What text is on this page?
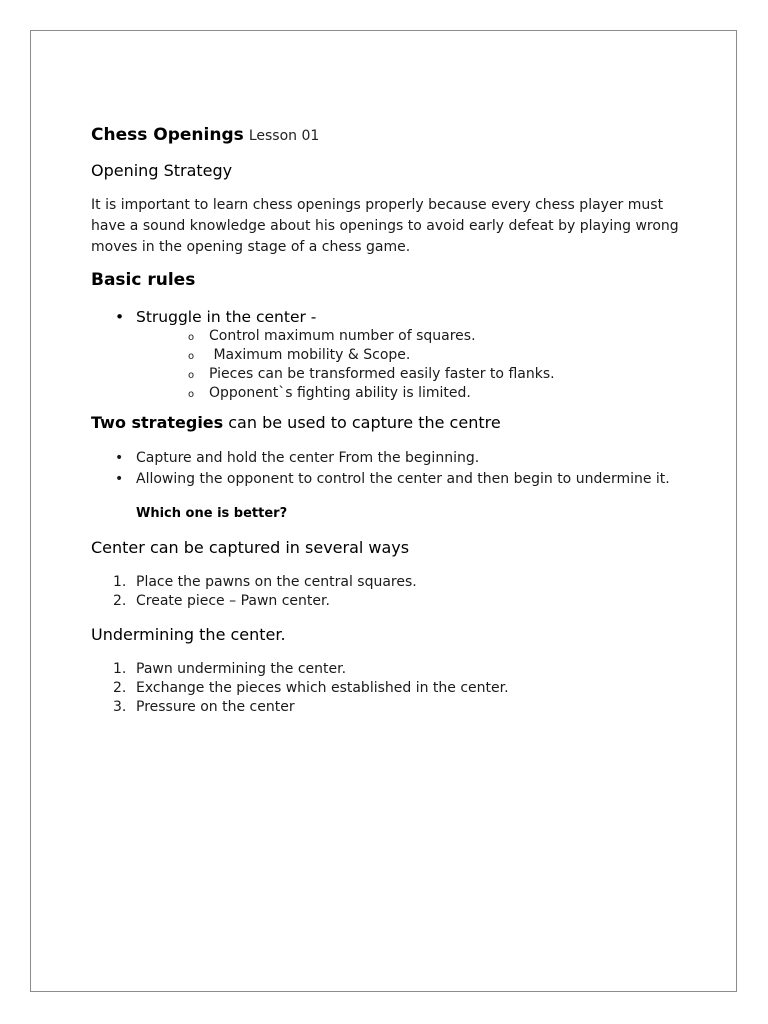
Chess Openings Lesson 01
Opening Strategy

It is important to learn chess openings properly because every chess player must have a sound knowledge about his openings to avoid early defeat by playing wrong moves in the opening stage of a chess game.

Basic rules
• Struggle in the center -
o Control maximum number of squares.
o Maximum mobility & Scope.
o Pieces can be transformed easily faster to flanks.
o Opponent`s fighting ability is limited.
Two strategies can be used to capture the centre
• Capture and hold the center From the beginning.
• Allowing the opponent to control the center and then begin to undermine it.
Which one is better?
Center can be captured in several ways
1. Place the pawns on the central squares.
2. Create piece – Pawn center.
Undermining the center.
1. Pawn undermining the center.
2. Exchange the pieces which established in the center.
3. Pressure on the center
